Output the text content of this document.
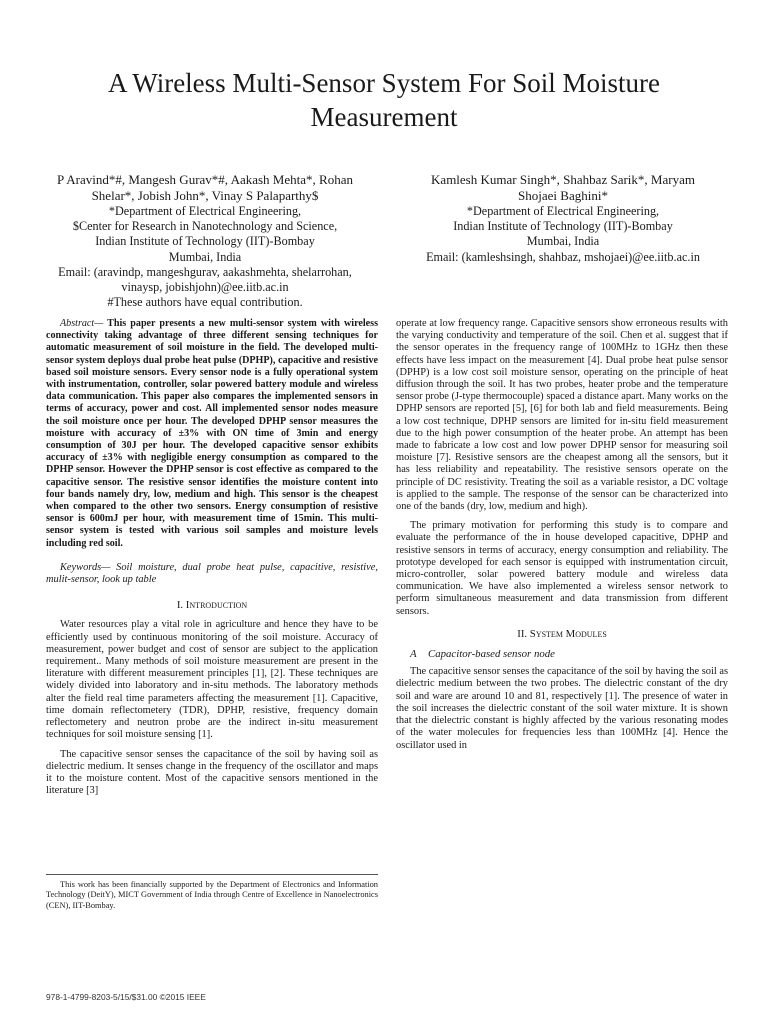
A Wireless Multi-Sensor System For Soil Moisture Measurement
P Aravind*#, Mangesh Gurav*#, Aakash Mehta*, Rohan
Shelar*, Jobish John*, Vinay S Palaparthy$
*Department of Electrical Engineering,
$Center for Research in Nanotechnology and Science,
Indian Institute of Technology (IIT)-Bombay
Mumbai, India
Email: (aravindp, mangeshgurav, aakashmehta, shelarrohan,
vinaysp, jobishjohn)@ee.iitb.ac.in
#These authors have equal contribution.
Kamlesh Kumar Singh*, Shahbaz Sarik*, Maryam
Shojaei Baghini*
*Department of Electrical Engineering,
Indian Institute of Technology (IIT)-Bombay
Mumbai, India
Email: (kamleshsingh, shahbaz, mshojaei)@ee.iitb.ac.in

Abstract— This paper presents a new multi-sensor system with wireless connectivity taking advantage of three different sensing techniques for automatic measurement of soil moisture in the field. The developed multi-sensor system deploys dual probe heat pulse (DPHP), capacitive and resistive based soil moisture sensors. Every sensor node is a fully operational system with instrumentation, controller, solar powered battery module and wireless data communication. This paper also compares the implemented sensors in terms of accuracy, power and cost. All implemented sensor nodes measure the soil moisture once per hour. The developed DPHP sensor measures the moisture with accuracy of ±3% with ON time of 3min and energy consumption of 30J per hour. The developed capacitive sensor exhibits accuracy of ±3% with negligible energy consumption as compared to the DPHP sensor. However the DPHP sensor is cost effective as compared to the capacitive sensor. The resistive sensor identifies the moisture content into four bands namely dry, low, medium and high. This sensor is the cheapest when compared to the other two sensors. Energy consumption of resistive sensor is 600mJ per hour, with measurement time of 15min. This multi-sensor system is tested with various soil samples and moisture levels including red soil.

Keywords— Soil moisture, dual probe heat pulse, capacitive, resistive, mulit-sensor, look up table

I. Introduction

Water resources play a vital role in agriculture and hence they have to be efficiently used by continuous monitoring of the soil moisture. Accuracy of measurement, power budget and cost of sensor are subject to the application requirement.. Many methods of soil moisture measurement are present in the literature with different measurement principles [1], [2]. These techniques are widely divided into laboratory and in-situ methods. The laboratory methods alter the field real time parameters affecting the measurement [1]. Capacitive, time domain reflectometery (TDR), DPHP, resistive, frequency domain reflectometery and neutron probe are the indirect in-situ measurement techniques for soil moisture sensing [1].

The capacitive sensor senses the capacitance of the soil by having soil as dielectric medium. It senses change in the frequency of the oscillator and maps it to the moisture content. Most of the capacitive sensors mentioned in the literature [3]

operate at low frequency range. Capacitive sensors show erroneous results with the varying conductivity and temperature of the soil. Chen et al. suggest that if the sensor operates in the frequency range of 100MHz to 1GHz then these effects have less impact on the measurement [4]. Dual probe heat pulse sensor (DPHP) is a low cost soil moisture sensor, operating on the principle of heat diffusion through the soil. It has two probes, heater probe and the temperature sensor probe (J-type thermocouple) spaced a distance apart. Many works on the DPHP sensors are reported [5], [6] for both lab and field measurements. Being a low cost technique, DPHP sensors are limited for in-situ field measurement due to the high power consumption of the heater probe. An attempt has been made to fabricate a low cost and low power DPHP sensor for measuring soil moisture [7]. Resistive sensors are the cheapest among all the sensors, but it has less reliability and repeatability. The resistive sensors operate on the principle of DC resistivity. Treating the soil as a variable resistor, a DC voltage is applied to the sample. The response of the sensor can be characterized into one of the bands (dry, low, medium and high).

The primary motivation for performing this study is to compare and evaluate the performance of the in house developed capacitive, DPHP and resistive sensors in terms of accuracy, energy consumption and reliability. The prototype developed for each sensor is equipped with instrumentation circuit, micro-controller, solar powered battery module and wireless data communication. We have also implemented a wireless sensor network to perform simultaneous measurement and data transmission from different sensors.

II. System Modules
A Capacitor-based sensor node

The capacitive sensor senses the capacitance of the soil by having the soil as dielectric medium between the two probes. The dielectric constant of the dry soil and ware are around 10 and 81, respectively [1]. The presence of water in the soil increases the dielectric constant of the soil water mixture. It is shown that the dielectric constant is highly affected by the various resonating modes of the water molecules for frequencies less than 100MHz [4]. Hence the oscillator used in

This work has been financially supported by the Department of Electronics and Information Technology (DeitY), MICT Government of India through Centre of Excellence in Nanoelectronics (CEN), IIT-Bombay.
978-1-4799-8203-5/15/$31.00 ©2015 IEEE
